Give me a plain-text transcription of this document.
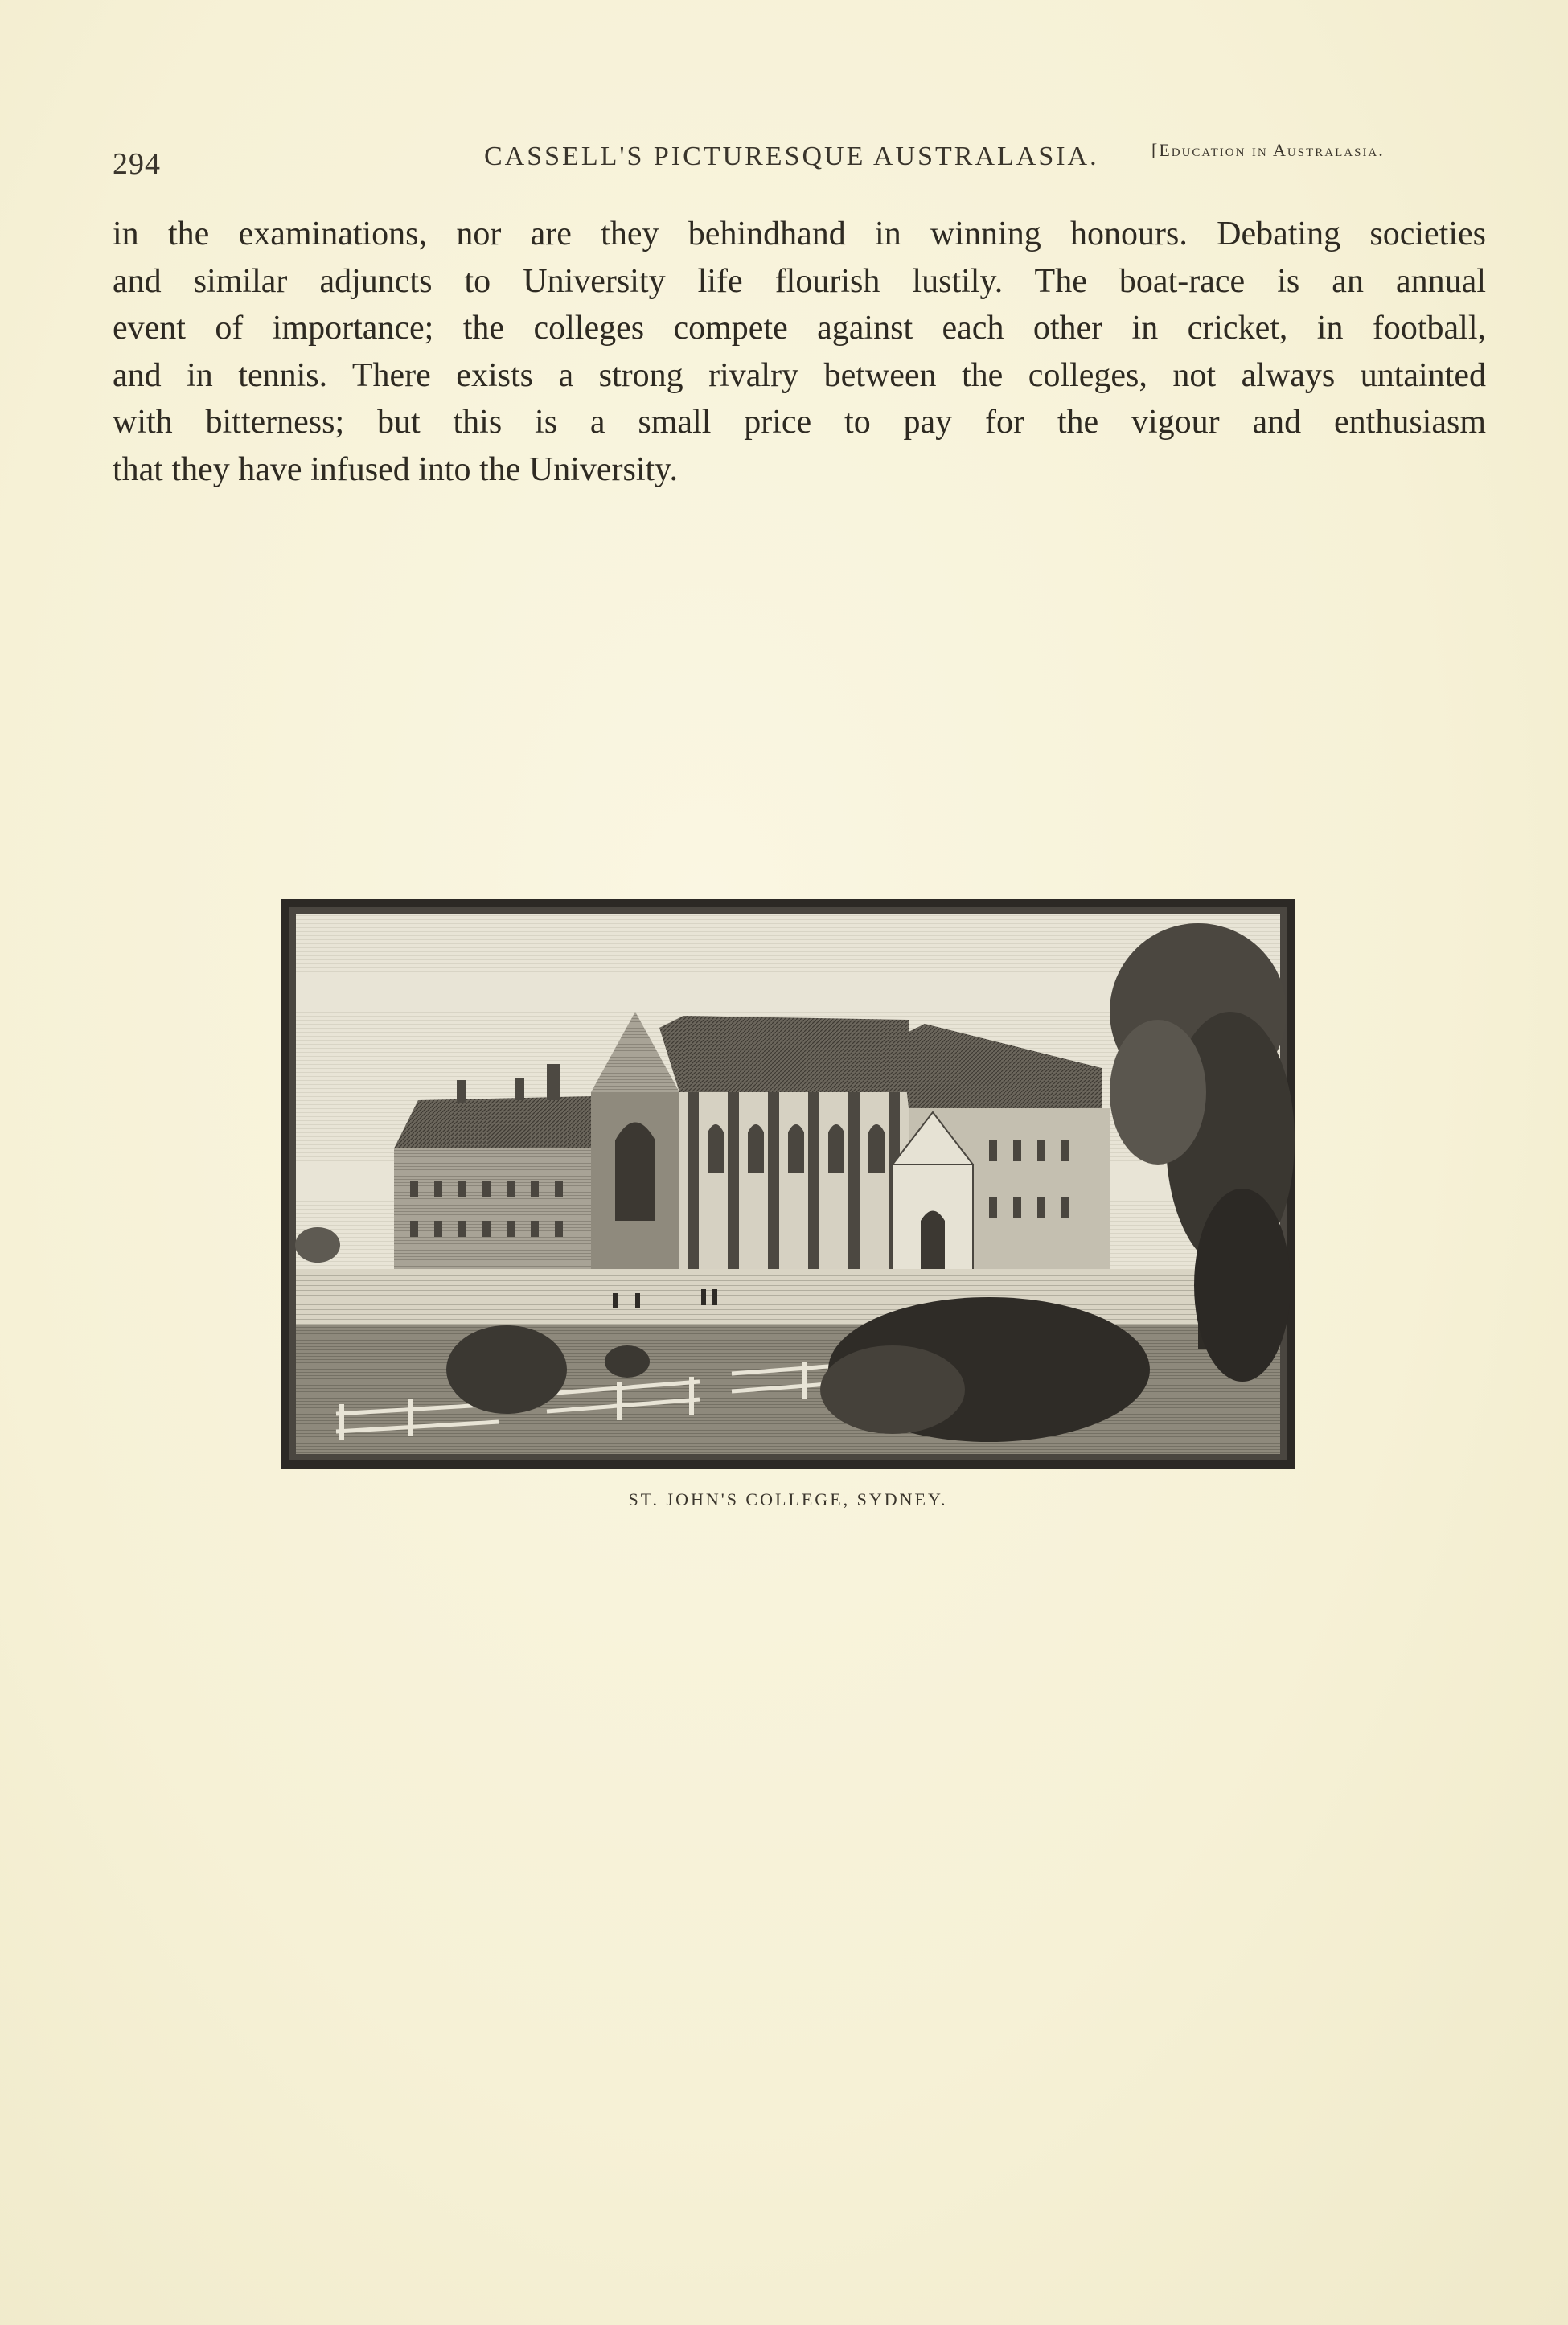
294	CASSELL'S PICTURESQUE AUSTRALASIA.	[Education in Australasia.
in the examinations, nor are they behindhand in winning honours. Debating societies
and similar adjuncts to University life flourish lustily. The boat-race is an annual
event of importance; the colleges compete against each other in cricket, in football,
and in tennis. There exists a strong rivalry between the colleges, not always untainted
with bitterness; but this is a small price to pay for the vigour and enthusiasm
that they have infused into the University.
ST. JOHN'S COLLEGE, SYDNEY.
